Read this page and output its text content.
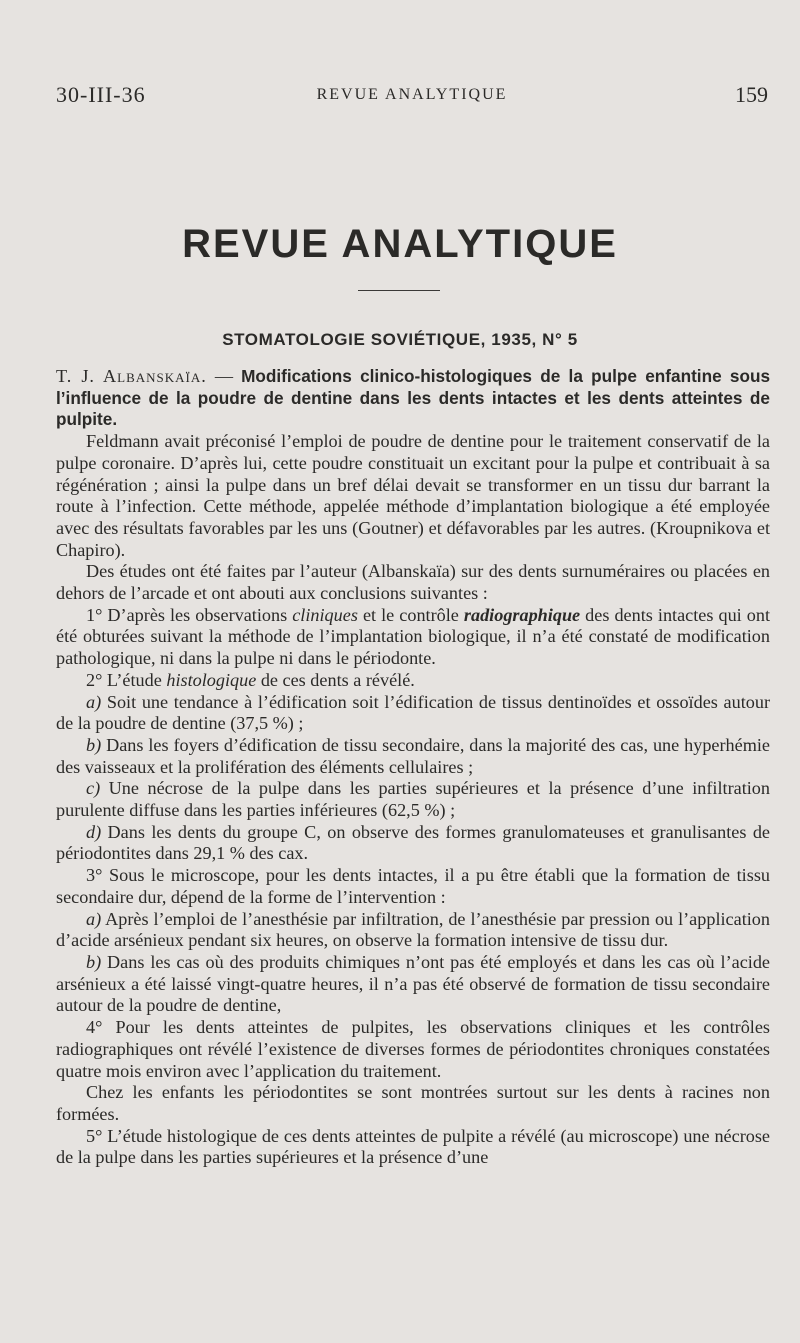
30-III-36	REVUE ANALYTIQUE	159
REVUE ANALYTIQUE
STOMATOLOGIE SOVIÉTIQUE, 1935, N° 5

T. J. Albanskaïa. — Modifications clinico-histologiques de la pulpe enfantine sous l’influence de la poudre de dentine dans les dents intactes et les dents atteintes de pulpite.

Feldmann avait préconisé l’emploi de poudre de dentine pour le traitement conservatif de la pulpe coronaire. D’après lui, cette poudre constituait un excitant pour la pulpe et contribuait à sa régénération ; ainsi la pulpe dans un bref délai devait se transformer en un tissu dur barrant la route à l’infection. Cette méthode, appelée méthode d’implantation biologique a été employée avec des résultats favorables par les uns (Goutner) et défavorables par les autres. (Kroupnikova et Chapiro).

Des études ont été faites par l’auteur (Albanskaïa) sur des dents surnuméraires ou placées en dehors de l’arcade et ont abouti aux conclusions suivantes :

1° D’après les observations cliniques et le contrôle radiographique des dents intactes qui ont été obturées suivant la méthode de l’implantation biologique, il n’a été constaté de modification pathologique, ni dans la pulpe ni dans le périodonte.

2° L’étude histologique de ces dents a révélé.

a) Soit une tendance à l’édification soit l’édification de tissus dentinoïdes et ossoïdes autour de la poudre de dentine (37,5 %) ;

b) Dans les foyers d’édification de tissu secondaire, dans la majorité des cas, une hyperhémie des vaisseaux et la prolifération des éléments cellulaires ;

c) Une nécrose de la pulpe dans les parties supérieures et la présence d’une infiltration purulente diffuse dans les parties inférieures (62,5 %) ;

d) Dans les dents du groupe C, on observe des formes granulomateuses et granulisantes de périodontites dans 29,1 % des cax.

3° Sous le microscope, pour les dents intactes, il a pu être établi que la formation de tissu secondaire dur, dépend de la forme de l’intervention :

a) Après l’emploi de l’anesthésie par infiltration, de l’anesthésie par pression ou l’application d’acide arsénieux pendant six heures, on observe la formation intensive de tissu dur.

b) Dans les cas où des produits chimiques n’ont pas été employés et dans les cas où l’acide arsénieux a été laissé vingt-quatre heures, il n’a pas été observé de formation de tissu secondaire autour de la poudre de dentine,

4° Pour les dents atteintes de pulpites, les observations cliniques et les contrôles radiographiques ont révélé l’existence de diverses formes de périodontites chroniques constatées quatre mois environ avec l’application du traitement.

Chez les enfants les périodontites se sont montrées surtout sur les dents à racines non formées.

5° L’étude histologique de ces dents atteintes de pulpite a révélé (au microscope) une nécrose de la pulpe dans les parties supérieures et la présence d’une
